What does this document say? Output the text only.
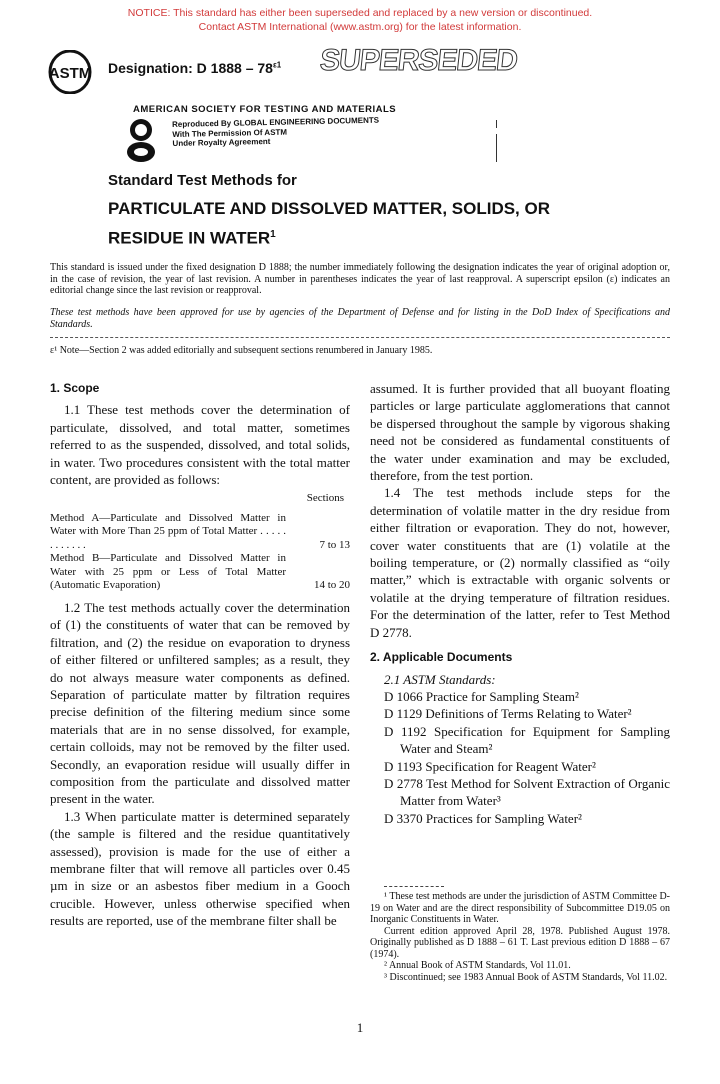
NOTICE: This standard has either been superseded and replaced by a new version or discontinued.
Contact ASTM International (www.astm.org) for the latest information.
ASTM Designation: D $1888 - 78^{\varepsilon 1}$ SUPERSEDED
AMERICAN SOCIETY FOR TESTING AND MATERIALS
Reproduced By GLOBAL ENGINEERING DOCUMENTS
With The Permission Of ASTM
Under Royalty Agreement
Standard Test Methods for
PARTICULATE AND DISSOLVED MATTER, SOLIDS, OR
RESIDUE IN WATER$^1$
This standard is issued under the fixed designation D 1888; the number immediately following the designation indicates the year of original adoption or, in the case of revision, the year of last revision. A number in parentheses indicates the year of last reapproval. A superscript epsilon (ε) indicates an editorial change since the last revision or reapproval.
These test methods have been approved for use by agencies of the Department of Defense and for listing in the DoD Index of Specifications and Standards.
ε¹ Note—Section 2 was added editorially and subsequent sections renumbered in January 1985.
1. Scope

1.1 These test methods cover the determination of particulate, dissolved, and total matter, sometimes referred to as the suspended, dissolved, and total solids, in water. Two procedures consistent with the total matter content, are provided as follows:

Sections
Method A—Particulate and Dissolved Matter in Water with More Than 25 ppm of Total Matter . . . . . . . . . . . .	7 to 13
Method B—Particulate and Dissolved Matter in Water with 25 ppm or Less of Total Matter (Automatic Evaporation)	14 to 20

1.2 The test methods actually cover the determination of (1) the constituents of water that can be removed by filtration, and (2) the residue on evaporation to dryness of either filtered or unfiltered samples; as a result, they do not always measure water components as defined. Separation of particulate matter by filtration requires precise definition of the filtering medium since some materials that are in no sense dissolved, for example, certain colloids, may not be removed by the filter used. Secondly, an evaporation residue will usually differ in composition from the particulate and dissolved matter present in the water.

1.3 When particulate matter is determined separately (the sample is filtered and the residue quantitatively assessed), provision is made for the use of either a membrane filter that will remove all particles over 0.45 µm in size or an asbestos fiber medium in a Gooch crucible. However, unless otherwise specified when results are reported, use of the membrane filter shall be

assumed. It is further provided that all buoyant floating particles or large particulate agglomerations that cannot be dispersed throughout the sample by vigorous shaking need not be considered as fundamental constituents of the water under examination and may be excluded, therefore, from the test portion.

1.4 The test methods include steps for the determination of volatile matter in the dry residue from either filtration or evaporation. They do not, however, cover water constituents that are (1) volatile at the boiling temperature, or (2) normally classified as “oily matter,” which is extractable with organic solvents or volatile at the drying temperature of filtration residues. For the determination of the latter, refer to Test Method D 2778.

2. Applicable Documents

2.1 ASTM Standards:

D 1066 Practice for Sampling Steam²

D 1129 Definitions of Terms Relating to Water²

D 1192 Specification for Equipment for Sampling Water and Steam²

D 1193 Specification for Reagent Water²

D 2778 Test Method for Solvent Extraction of Organic Matter from Water³

D 3370 Practices for Sampling Water²

¹ These test methods are under the jurisdiction of ASTM Committee D-19 on Water and are the direct responsibility of Subcommittee D19.05 on Inorganic Constituents in Water.

Current edition approved April 28, 1978. Published August 1978. Originally published as D 1888 – 61 T. Last previous edition D 1888 – 67 (1974).

² Annual Book of ASTM Standards, Vol 11.01.

³ Discontinued; see 1983 Annual Book of ASTM Standards, Vol 11.02.

1
